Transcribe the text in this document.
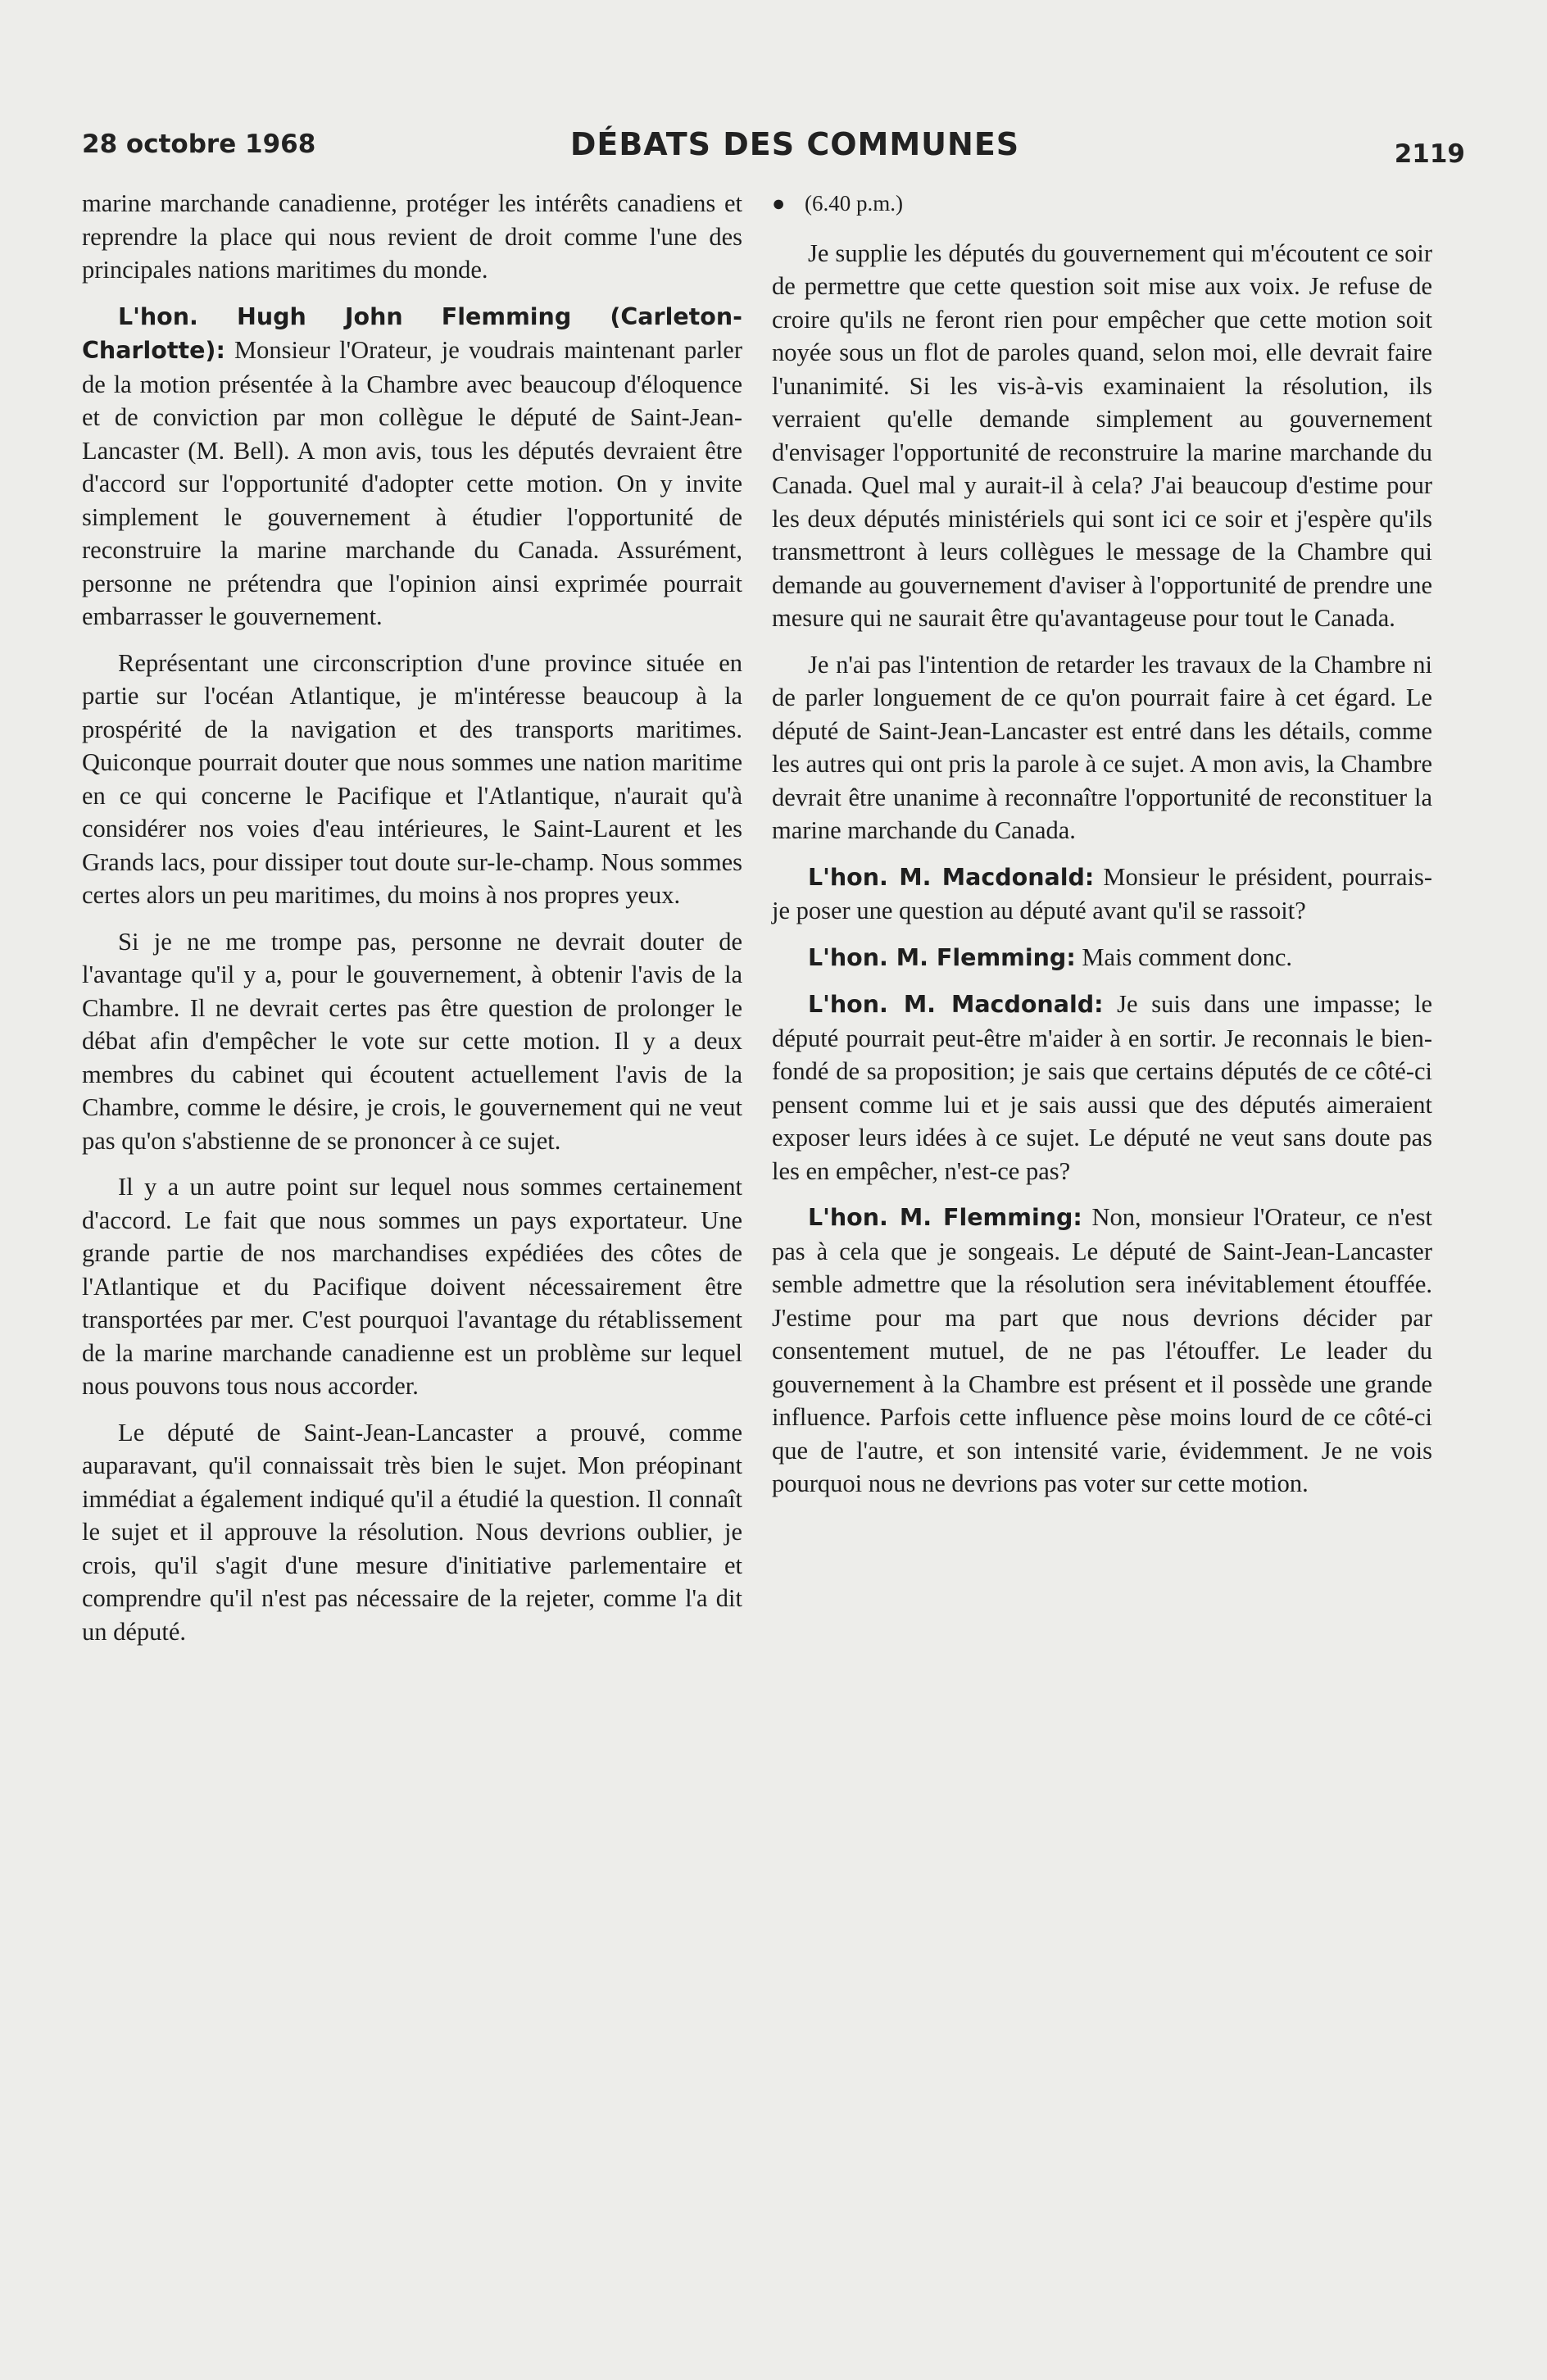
28 octobre 1968	DÉBATS DES COMMUNES	2119

marine marchande canadienne, protéger les intérêts canadiens et reprendre la place qui nous revient de droit comme l'une des principales nations maritimes du monde.

L'hon. Hugh John Flemming (Carleton-Charlotte): Monsieur l'Orateur, je voudrais maintenant parler de la motion présentée à la Chambre avec beaucoup d'éloquence et de conviction par mon collègue le député de Saint-Jean-Lancaster (M. Bell). A mon avis, tous les députés devraient être d'accord sur l'opportunité d'adopter cette motion. On y invite simplement le gouvernement à étudier l'opportunité de reconstruire la marine marchande du Canada. Assurément, personne ne prétendra que l'opinion ainsi exprimée pourrait embarrasser le gouvernement.

Représentant une circonscription d'une province située en partie sur l'océan Atlantique, je m'intéresse beaucoup à la prospérité de la navigation et des transports maritimes. Quiconque pourrait douter que nous sommes une nation maritime en ce qui concerne le Pacifique et l'Atlantique, n'aurait qu'à considérer nos voies d'eau intérieures, le Saint-Laurent et les Grands lacs, pour dissiper tout doute sur-le-champ. Nous sommes certes alors un peu maritimes, du moins à nos propres yeux.

Si je ne me trompe pas, personne ne devrait douter de l'avantage qu'il y a, pour le gouvernement, à obtenir l'avis de la Chambre. Il ne devrait certes pas être question de prolonger le débat afin d'empêcher le vote sur cette motion. Il y a deux membres du cabinet qui écoutent actuellement l'avis de la Chambre, comme le désire, je crois, le gouvernement qui ne veut pas qu'on s'abstienne de se prononcer à ce sujet.

Il y a un autre point sur lequel nous sommes certainement d'accord. Le fait que nous sommes un pays exportateur. Une grande partie de nos marchandises expédiées des côtes de l'Atlantique et du Pacifique doivent nécessairement être transportées par mer. C'est pourquoi l'avantage du rétablissement de la marine marchande canadienne est un problème sur lequel nous pouvons tous nous accorder.

Le député de Saint-Jean-Lancaster a prouvé, comme auparavant, qu'il connaissait très bien le sujet. Mon préopinant immédiat a également indiqué qu'il a étudié la question. Il connaît le sujet et il approuve la résolution. Nous devrions oublier, je crois, qu'il s'agit d'une mesure d'initiative parlementaire et comprendre qu'il n'est pas nécessaire de la rejeter, comme l'a dit un député.

● (6.40 p.m.)

Je supplie les députés du gouvernement qui m'écoutent ce soir de permettre que cette question soit mise aux voix. Je refuse de croire qu'ils ne feront rien pour empêcher que cette motion soit noyée sous un flot de paroles quand, selon moi, elle devrait faire l'unanimité. Si les vis-à-vis examinaient la résolution, ils verraient qu'elle demande simplement au gouvernement d'envisager l'opportunité de reconstruire la marine marchande du Canada. Quel mal y aurait-il à cela? J'ai beaucoup d'estime pour les deux députés ministériels qui sont ici ce soir et j'espère qu'ils transmettront à leurs collègues le message de la Chambre qui demande au gouvernement d'aviser à l'opportunité de prendre une mesure qui ne saurait être qu'avantageuse pour tout le Canada.

Je n'ai pas l'intention de retarder les travaux de la Chambre ni de parler longuement de ce qu'on pourrait faire à cet égard. Le député de Saint-Jean-Lancaster est entré dans les détails, comme les autres qui ont pris la parole à ce sujet. A mon avis, la Chambre devrait être unanime à reconnaître l'opportunité de reconstituer la marine marchande du Canada.

L'hon. M. Macdonald: Monsieur le président, pourrais-je poser une question au député avant qu'il se rassoit?

L'hon. M. Flemming: Mais comment donc.

L'hon. M. Macdonald: Je suis dans une impasse; le député pourrait peut-être m'aider à en sortir. Je reconnais le bien-fondé de sa proposition; je sais que certains députés de ce côté-ci pensent comme lui et je sais aussi que des députés aimeraient exposer leurs idées à ce sujet. Le député ne veut sans doute pas les en empêcher, n'est-ce pas?

L'hon. M. Flemming: Non, monsieur l'Orateur, ce n'est pas à cela que je songeais. Le député de Saint-Jean-Lancaster semble admettre que la résolution sera inévitablement étouffée. J'estime pour ma part que nous devrions décider par consentement mutuel, de ne pas l'étouffer. Le leader du gouvernement à la Chambre est présent et il possède une grande influence. Parfois cette influence pèse moins lourd de ce côté-ci que de l'autre, et son intensité varie, évidemment. Je ne vois pourquoi nous ne devrions pas voter sur cette motion.
